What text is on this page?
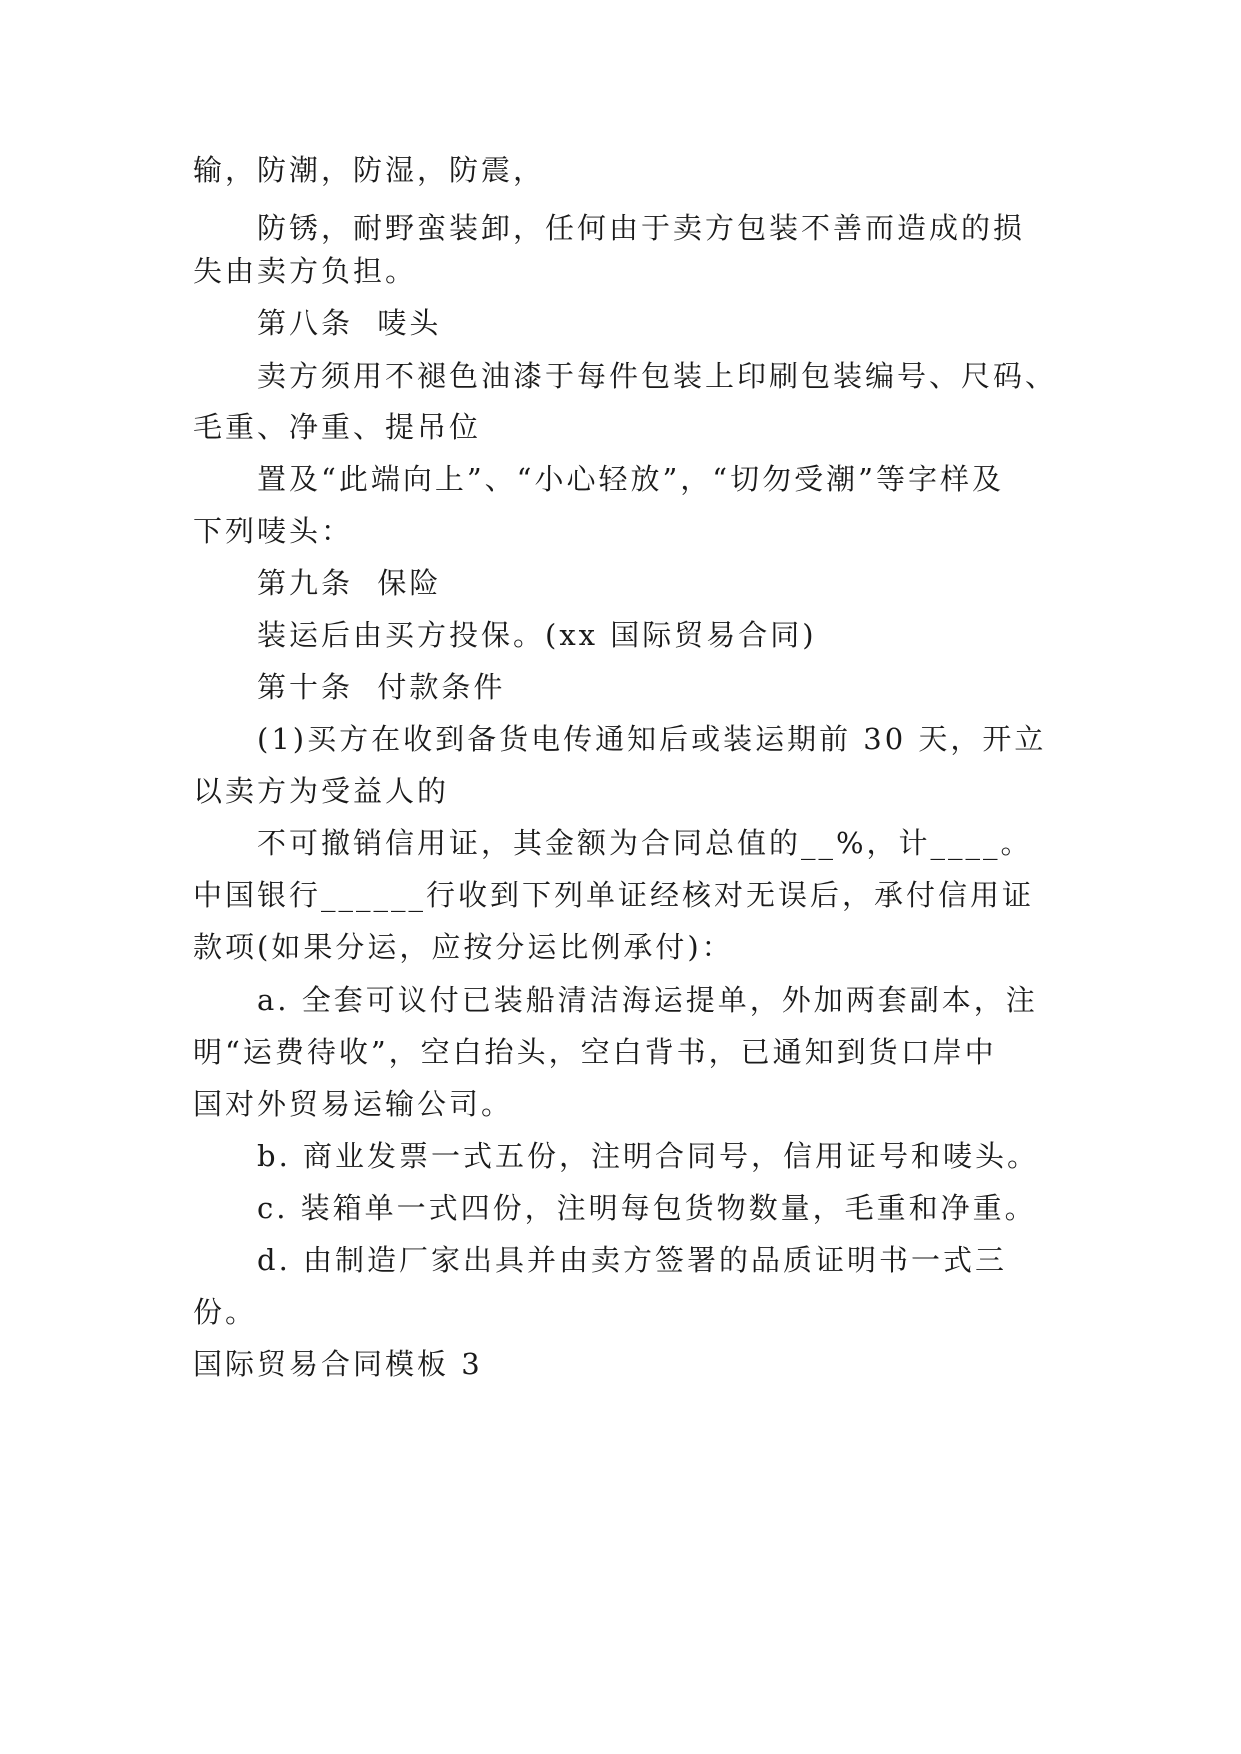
输，防潮，防湿，防震，

防锈，耐野蛮装卸，任何由于卖方包装不善而造成的损

失由卖方负担。

第八条  唛头

卖方须用不褪色油漆于每件包装上印刷包装编号、尺码、

毛重、净重、提吊位

置及“此端向上”、“小心轻放”，“切勿受潮”等字样及

下列唛头：

第九条  保险

装运后由买方投保。(xx 国际贸易合同)

第十条  付款条件

(1)买方在收到备货电传通知后或装运期前 30 天，开立

以卖方为受益人的

不可撤销信用证，其金额为合同总值的__%，计____。

中国银行______行收到下列单证经核对无误后，承付信用证

款项(如果分运，应按分运比例承付)：

a. 全套可议付已装船清洁海运提单，外加两套副本，注

明“运费待收”，空白抬头，空白背书，已通知到货口岸中

国对外贸易运输公司。

b. 商业发票一式五份，注明合同号，信用证号和唛头。

c. 装箱单一式四份，注明每包货物数量，毛重和净重。

d. 由制造厂家出具并由卖方签署的品质证明书一式三

份。

国际贸易合同模板 3
